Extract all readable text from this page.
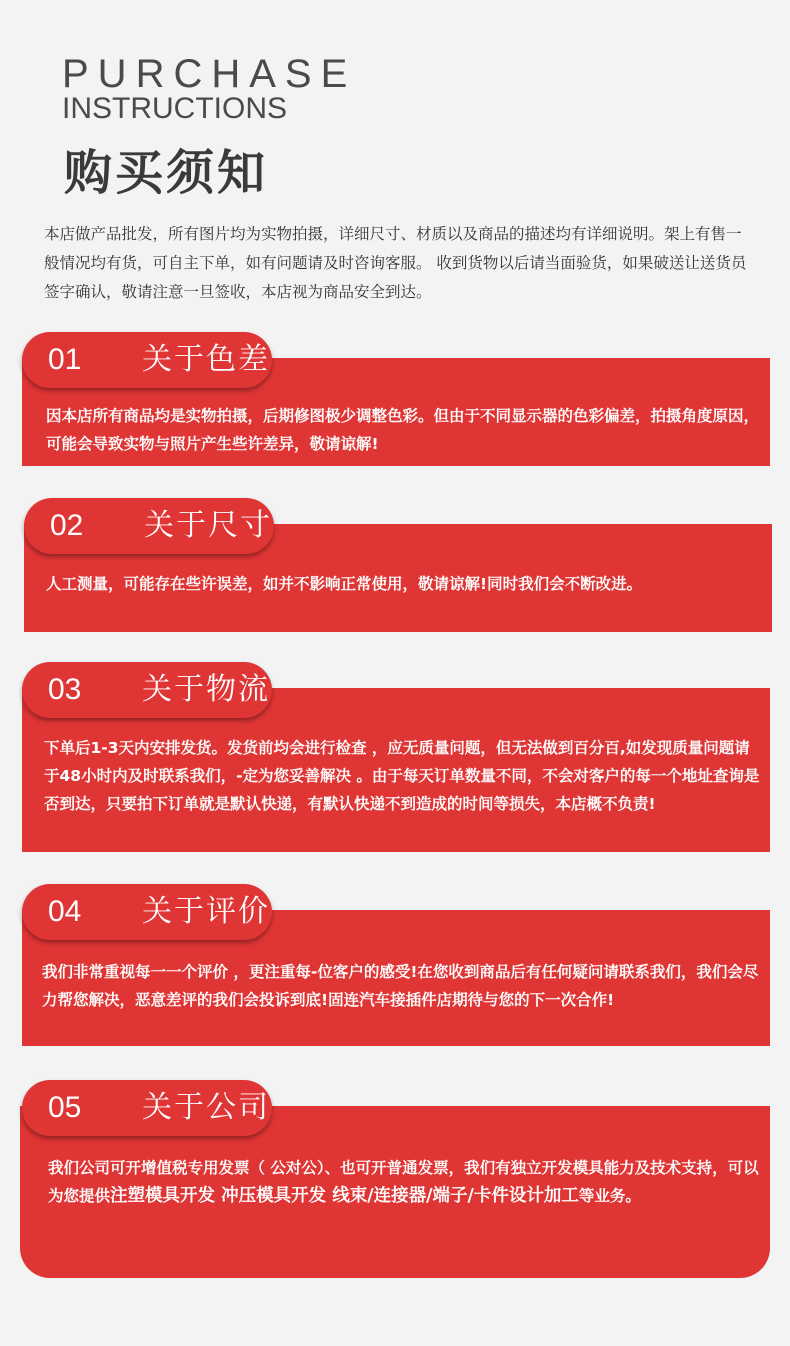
PURCHASE
INSTRUCTIONS
购买须知
本店做产品批发，所有图片均为实物拍摄，详细尺寸、材质以及商品的描述均有详细说明。架上有售一 般情况均有货，可自主下单，如有问题请及时咨询客服。 收到货物以后请当面验货，如果破送让送货员签字确认，敬请注意一旦签收，本店视为商品安全到达。
因本店所有商品均是实物拍摄，后期修图极少调整色彩。但由于不同显示器的色彩偏差，拍摄角度原因，可能会导致实物与照片产生些许差异，敬请谅解!
01	关于色差
人工测量，可能存在些许误差，如并不影响正常使用，敬请谅解!同时我们会不断改进。
02	关于尺寸
下单后1-3天内安排发货。发货前均会进行检查 ，应无质量问题，但无法做到百分百,如发现质量问题请于48小时内及时联系我们，-定为您妥善解决 。由于每天订单数量不同，不会对客户的每一个地址查询是否到达，只要拍下订单就是默认快递，有默认快递不到造成的时间等损失，本店概不负责!
03	关于物流
我们非常重视每一一个评价 ，更注重每-位客户的感受!在您收到商品后有任何疑问请联系我们，我们会尽力帮您解决，恶意差评的我们会投诉到底!固连汽车接插件店期待与您的下一次合作!
04	关于评价
我们公司可开增值税专用发票（ 公对公）、也可开普通发票，我们有独立开发模具能力及技术支持，可以为您提供注塑模具开发 冲压模具开发 线束/连接器/端子/卡件设计加工等业务。
05	关于公司
